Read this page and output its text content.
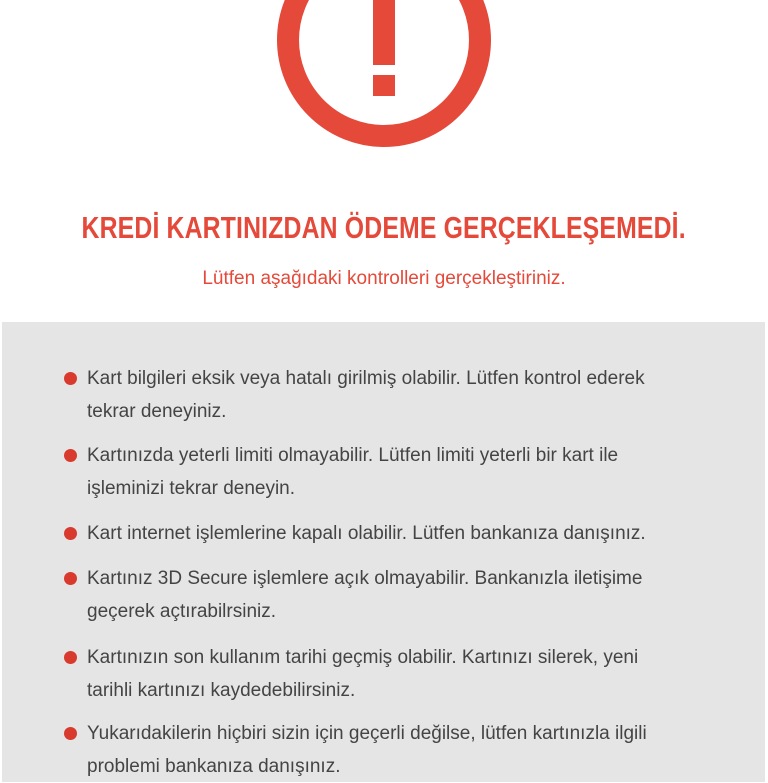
KREDİ KARTINIZDAN ÖDEME GERÇEKLEŞEMEDİ.
Lütfen aşağıdaki kontrolleri gerçekleştiriniz.
Kart bilgileri eksik veya hatalı girilmiş olabilir. Lütfen kontrol ederek
tekrar deneyiniz.
Kartınızda yeterli limiti olmayabilir. Lütfen limiti yeterli bir kart ile
işleminizi tekrar deneyin.
Kart internet işlemlerine kapalı olabilir. Lütfen bankanıza danışınız.
Kartınız 3D Secure işlemlere açık olmayabilir. Bankanızla iletişime
geçerek açtırabilrsiniz.
Kartınızın son kullanım tarihi geçmiş olabilir. Kartınızı silerek, yeni
tarihli kartınızı kaydedebilirsiniz.
Yukarıdakilerin hiçbiri sizin için geçerli değilse, lütfen kartınızla ilgili
problemi bankanıza danışınız.
